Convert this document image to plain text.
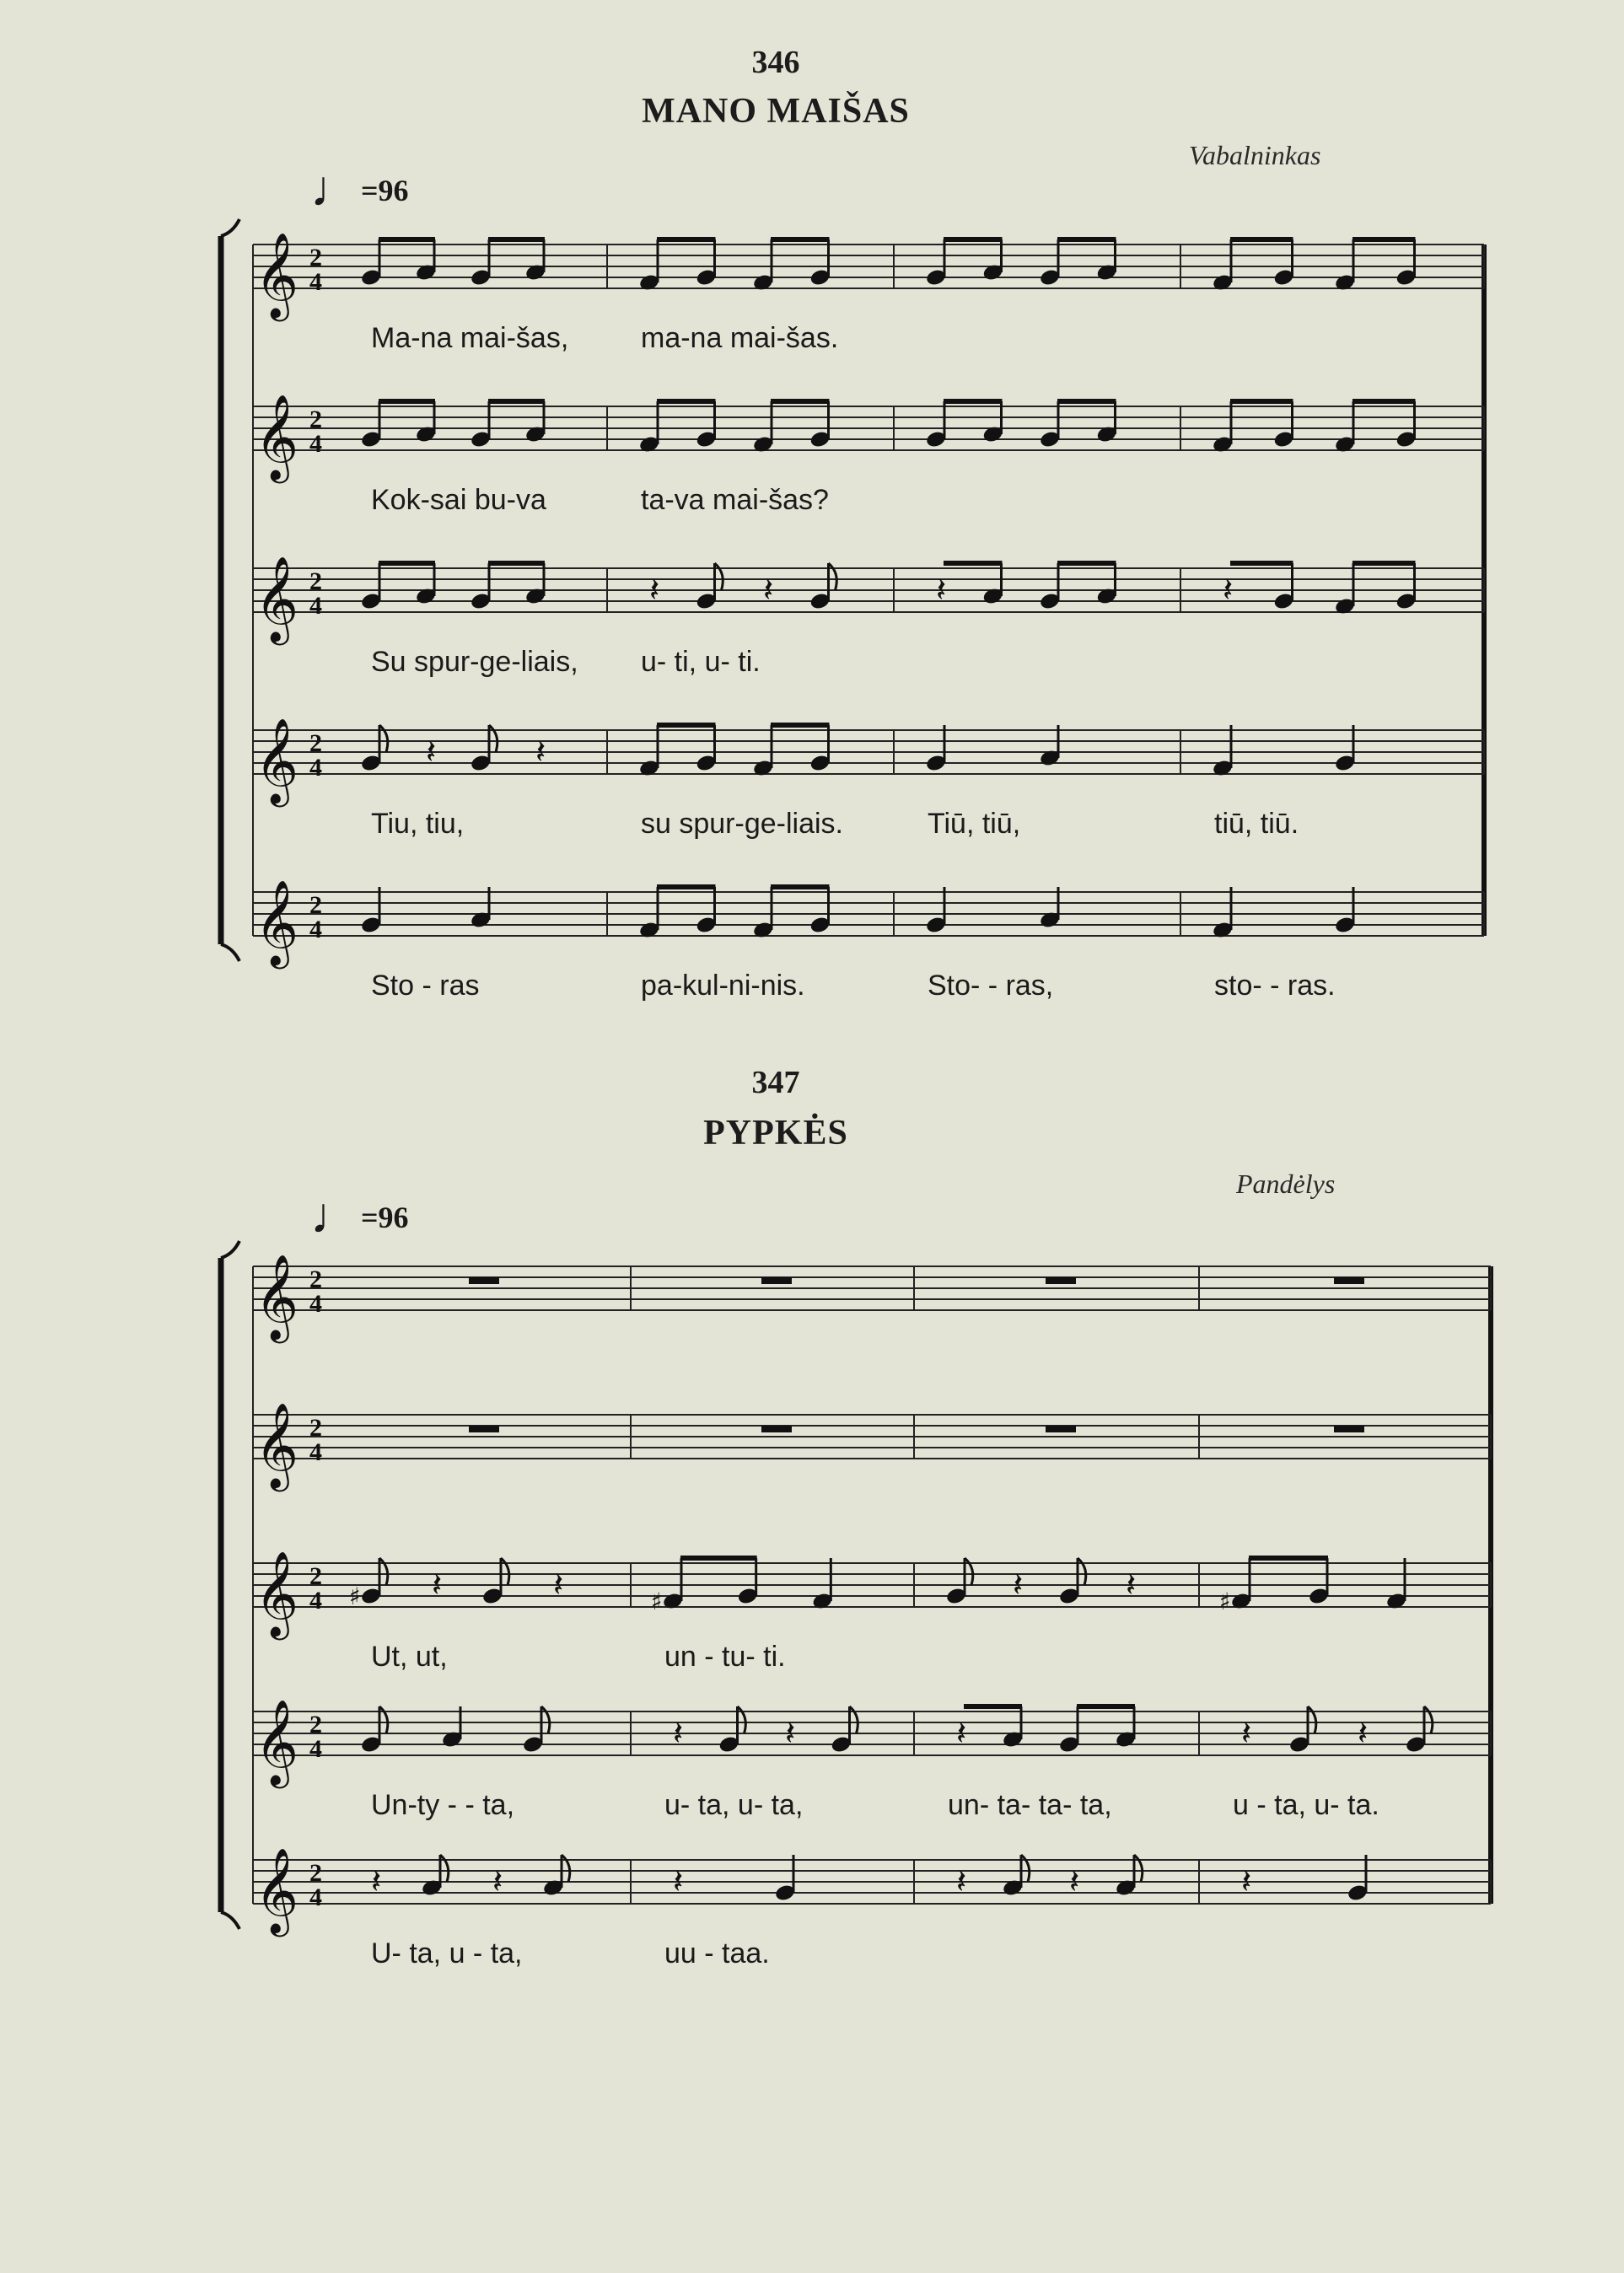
346
MANO MAIŠAS
Vabalninkas
♩=96
𝄞 2
4
Ma-na mai-šas,	ma-na mai-šas.
𝄞 2
4
Kok-sai bu-va	ta-va mai-šas?
𝄞 2
4	𝄽	𝄽	𝄽	𝄽
Su spur-ge-liais, u- ti, u- ti.
𝄞 2
4	𝄽	𝄽
Tiu, tiu,	su spur-ge-liais.	Tiū, tiū,	tiū, tiū.
𝄞 2
4
Sto - ras	pa-kul-ni-nis.	Sto- - ras,	sto- - ras.
347
PYPKĖS
Pandėlys
♩=96
𝄞 2
4
𝄞 2
4
𝄞 2
4 ♯ 𝄽	𝄽	♯	𝄽	𝄽	♯
Ut, ut,	un - tu- ti.
𝄞 2
4	𝄽	𝄽	𝄽	𝄽	𝄽
Un-ty - - ta,	u- ta, u- ta,	un- ta- ta- ta,	u - ta, u- ta.
𝄞 2
4 𝄽	𝄽	𝄽	𝄽	𝄽	𝄽
U- ta, u - ta,	uu - taa.
